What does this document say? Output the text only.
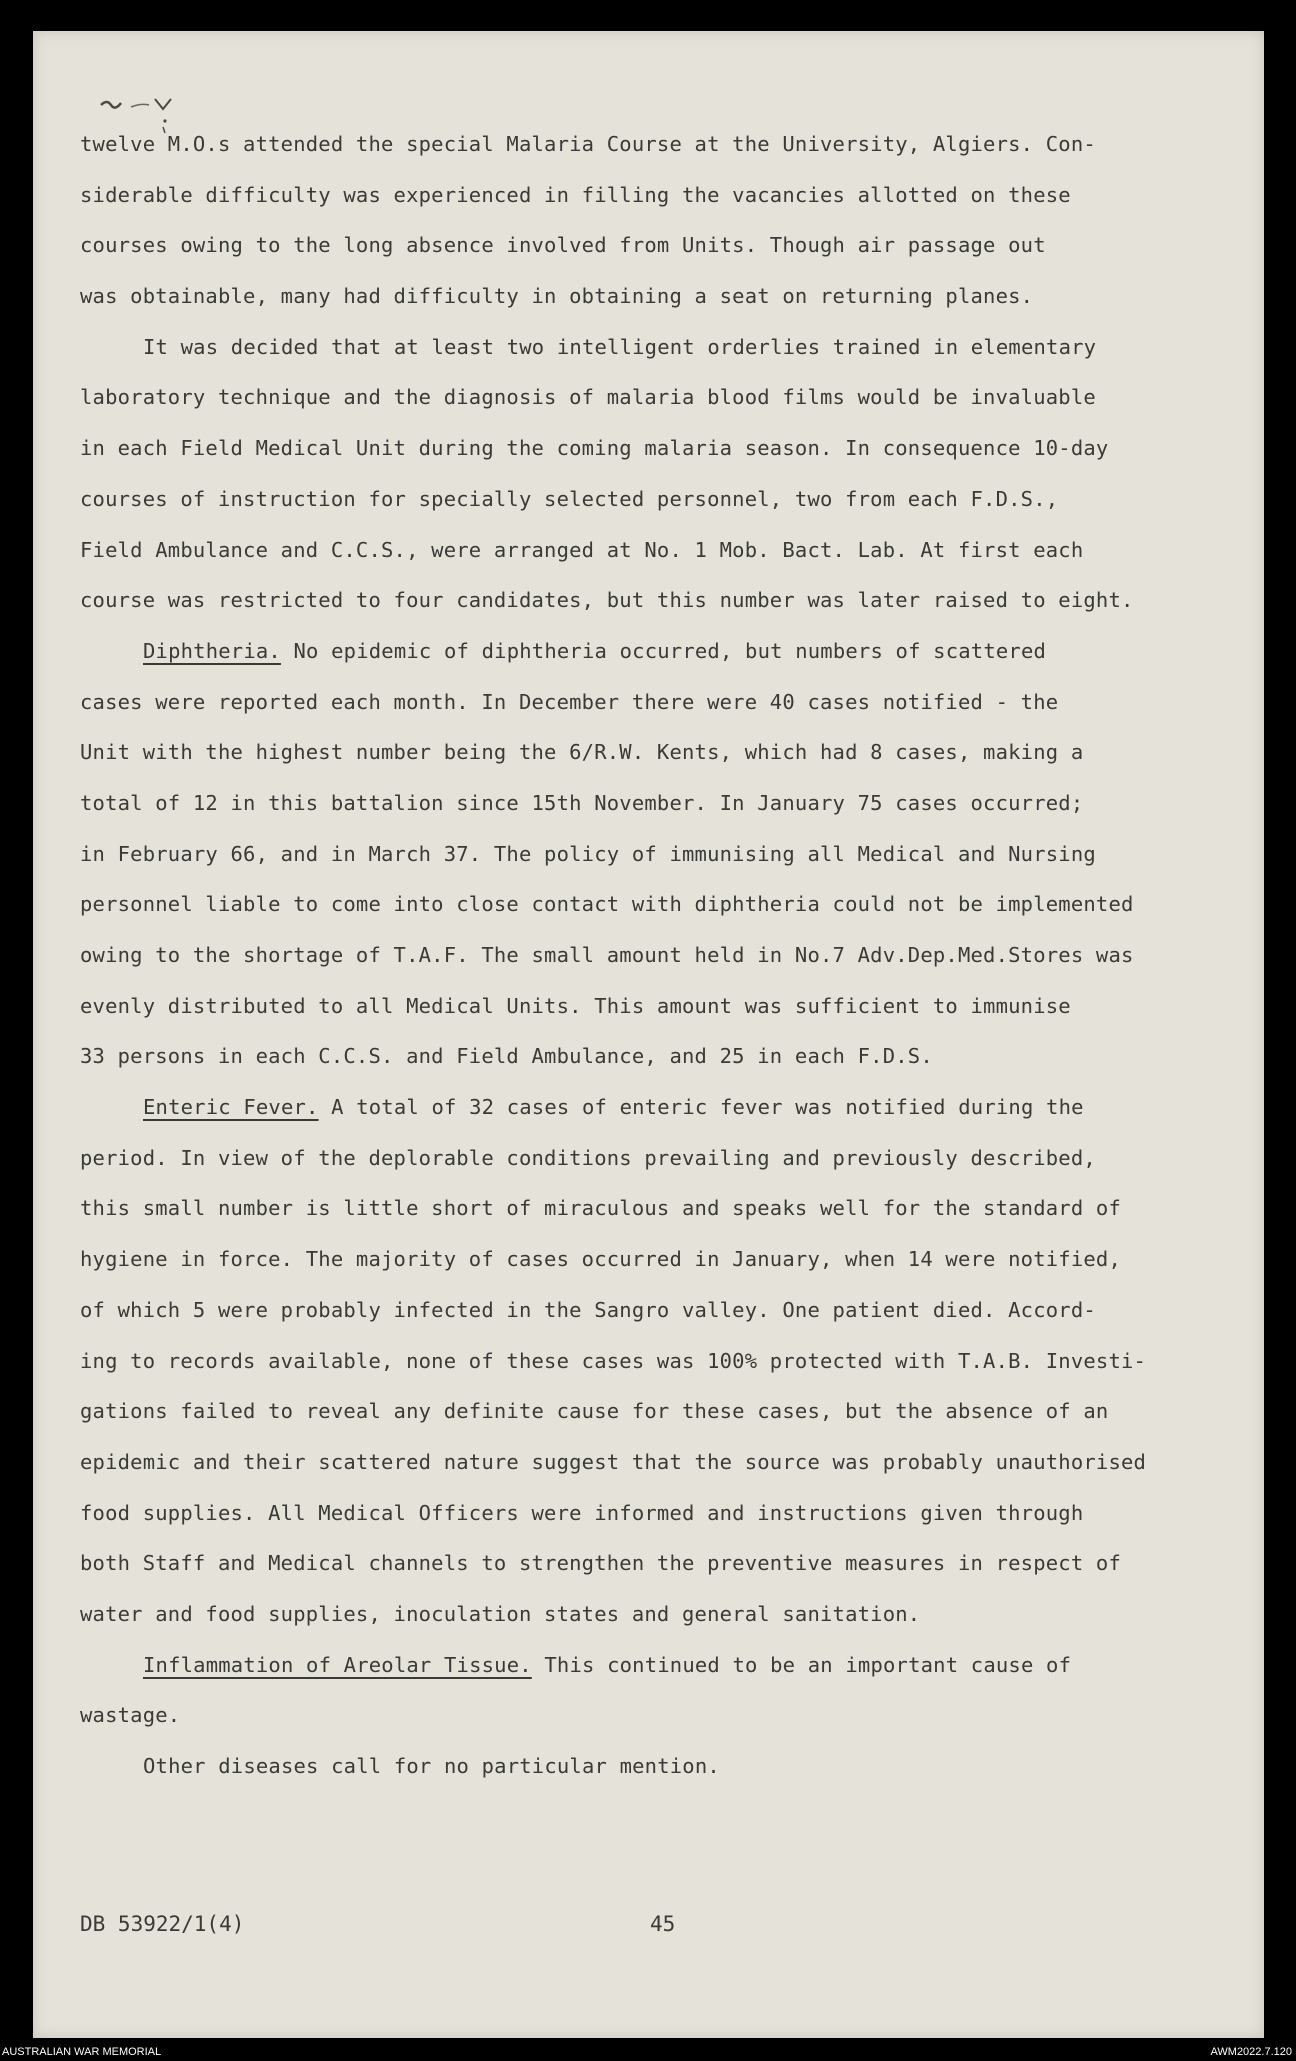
twelve M.O.s attended the special Malaria Course at the University, Algiers. Con-
siderable difficulty was experienced in filling the vacancies allotted on these
courses owing to the long absence involved from Units. Though air passage out
was obtainable, many had difficulty in obtaining a seat on returning planes.
It was decided that at least two intelligent orderlies trained in elementary
laboratory technique and the diagnosis of malaria blood films would be invaluable
in each Field Medical Unit during the coming malaria season. In consequence 10-day
courses of instruction for specially selected personnel, two from each F.D.S.,
Field Ambulance and C.C.S., were arranged at No. 1 Mob. Bact. Lab. At first each
course was restricted to four candidates, but this number was later raised to eight.
Diphtheria. No epidemic of diphtheria occurred, but numbers of scattered
cases were reported each month. In December there were 40 cases notified - the
Unit with the highest number being the 6/R.W. Kents, which had 8 cases, making a
total of 12 in this battalion since 15th November. In January 75 cases occurred;
in February 66, and in March 37. The policy of immunising all Medical and Nursing
personnel liable to come into close contact with diphtheria could not be implemented
owing to the shortage of T.A.F. The small amount held in No.7 Adv.Dep.Med.Stores was
evenly distributed to all Medical Units. This amount was sufficient to immunise
33 persons in each C.C.S. and Field Ambulance, and 25 in each F.D.S.
Enteric Fever. A total of 32 cases of enteric fever was notified during the
period. In view of the deplorable conditions prevailing and previously described,
this small number is little short of miraculous and speaks well for the standard of
hygiene in force. The majority of cases occurred in January, when 14 were notified,
of which 5 were probably infected in the Sangro valley. One patient died. Accord-
ing to records available, none of these cases was 100% protected with T.A.B. Investi-
gations failed to reveal any definite cause for these cases, but the absence of an
epidemic and their scattered nature suggest that the source was probably unauthorised
food supplies. All Medical Officers were informed and instructions given through
both Staff and Medical channels to strengthen the preventive measures in respect of
water and food supplies, inoculation states and general sanitation.
Inflammation of Areolar Tissue. This continued to be an important cause of
wastage.
Other diseases call for no particular mention.
DB 53922/1(4)	45
AUSTRALIAN WAR MEMORIAL	AWM2022.7.120
